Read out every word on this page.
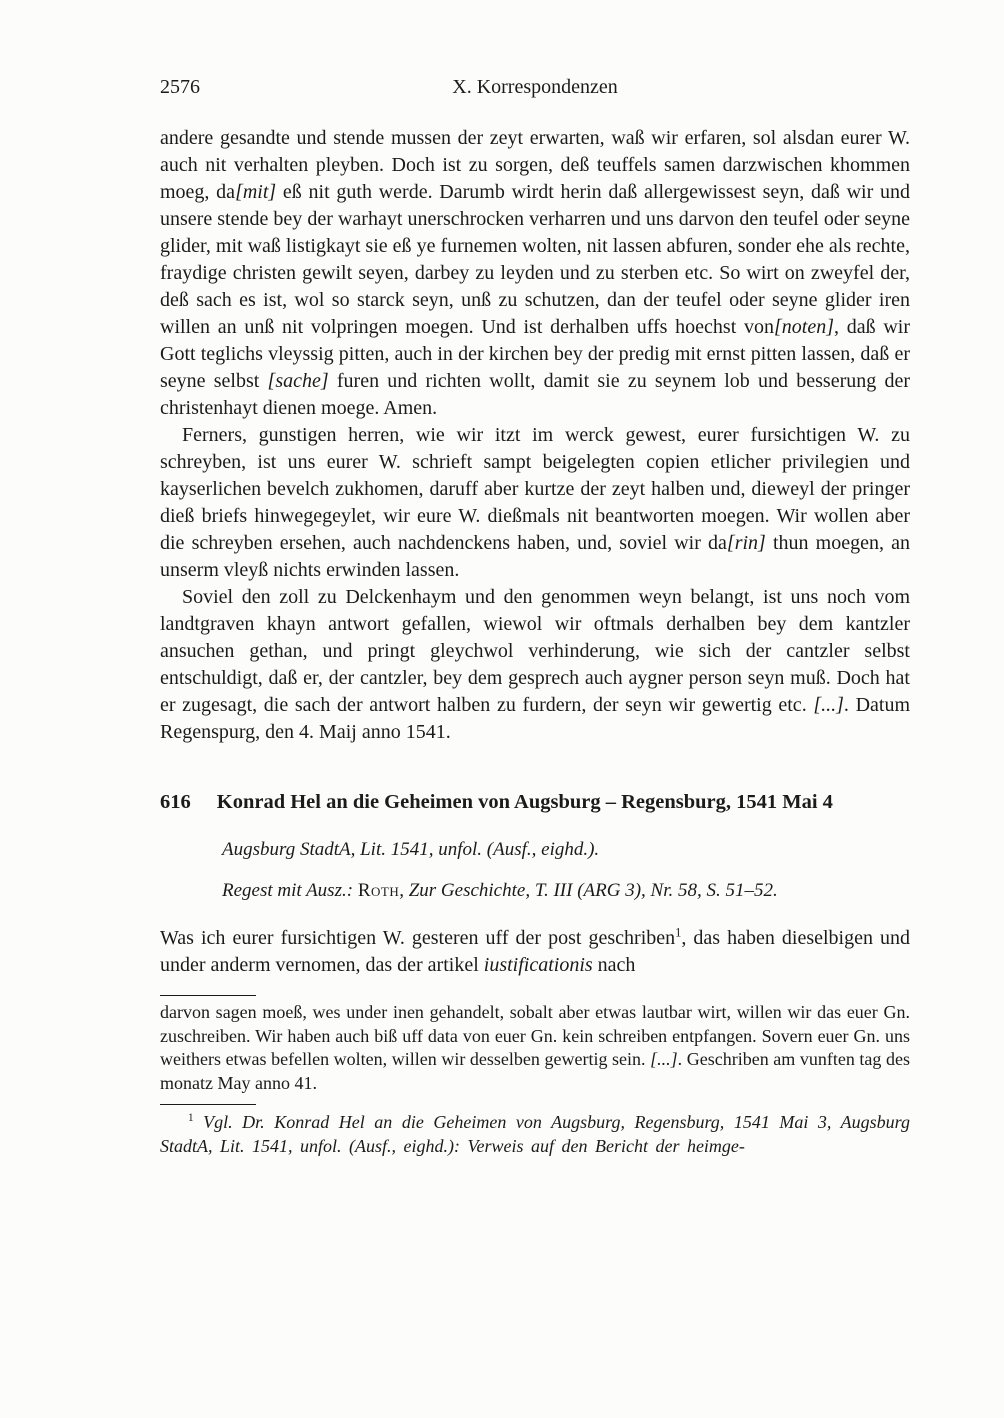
2576	X. Korrespondenzen

andere gesandte und stende mussen der zeyt erwarten, waß wir erfaren, sol alsdan eurer W. auch nit verhalten pleyben. Doch ist zu sorgen, deß teuffels samen darzwischen khommen moeg, da[mit] eß nit guth werde. Darumb wirdt herin daß allergewissest seyn, daß wir und unsere stende bey der warhayt unerschrocken verharren und uns darvon den teufel oder seyne glider, mit waß listigkayt sie eß ye furnemen wolten, nit lassen abfuren, sonder ehe als rechte, fraydige christen gewilt seyen, darbey zu leyden und zu sterben etc. So wirt on zweyfel der, deß sach es ist, wol so starck seyn, unß zu schutzen, dan der teufel oder seyne glider iren willen an unß nit volpringen moegen. Und ist derhalben uffs hoechst von[noten], daß wir Gott teglichs vleyssig pitten, auch in der kirchen bey der predig mit ernst pitten lassen, daß er seyne selbst [sache] furen und richten wollt, damit sie zu seynem lob und besserung der christenhayt dienen moege. Amen.

Ferners, gunstigen herren, wie wir itzt im werck gewest, eurer fursichtigen W. zu schreyben, ist uns eurer W. schrieft sampt beigelegten copien etlicher privilegien und kayserlichen bevelch zukhomen, daruff aber kurtze der zeyt halben und, dieweyl der pringer dieß briefs hinwegegeylet, wir eure W. dießmals nit beantworten moegen. Wir wollen aber die schreyben ersehen, auch nachdenckens haben, und, soviel wir da[rin] thun moegen, an unserm vleyß nichts erwinden lassen.

Soviel den zoll zu Delckenhaym und den genommen weyn belangt, ist uns noch vom landtgraven khayn antwort gefallen, wiewol wir oftmals derhalben bey dem kantzler ansuchen gethan, und pringt gleychwol verhinderung, wie sich der cantzler selbst entschuldigt, daß er, der cantzler, bey dem gesprech auch aygner person seyn muß. Doch hat er zugesagt, die sach der antwort halben zu furdern, der seyn wir gewertig etc. [...]. Datum Regenspurg, den 4. Maij anno 1541.

616 Konrad Hel an die Geheimen von Augsburg – Regensburg, 1541 Mai 4

Augsburg StadtA, Lit. 1541, unfol. (Ausf., eighd.).

Regest mit Ausz.: Roth, Zur Geschichte, T. III (ARG 3), Nr. 58, S. 51–52.

Was ich eurer fursichtigen W. gesteren uff der post geschriben$^1$, das haben dieselbigen und under anderm vernomen, das der artikel iustificationis nach

darvon sagen moeß, wes under inen gehandelt, sobalt aber etwas lautbar wirt, willen wir das euer Gn. zuschreiben. Wir haben auch biß uff data von euer Gn. kein schreiben entpfangen. Sovern euer Gn. uns weithers etwas befellen wolten, willen wir desselben gewertig sein. [...]. Geschriben am vunften tag des monatz May anno 41.

$^1$ Vgl. Dr. Konrad Hel an die Geheimen von Augsburg, Regensburg, 1541 Mai 3, Augsburg StadtA, Lit. 1541, unfol. (Ausf., eighd.): Verweis auf den Bericht der heimge-
